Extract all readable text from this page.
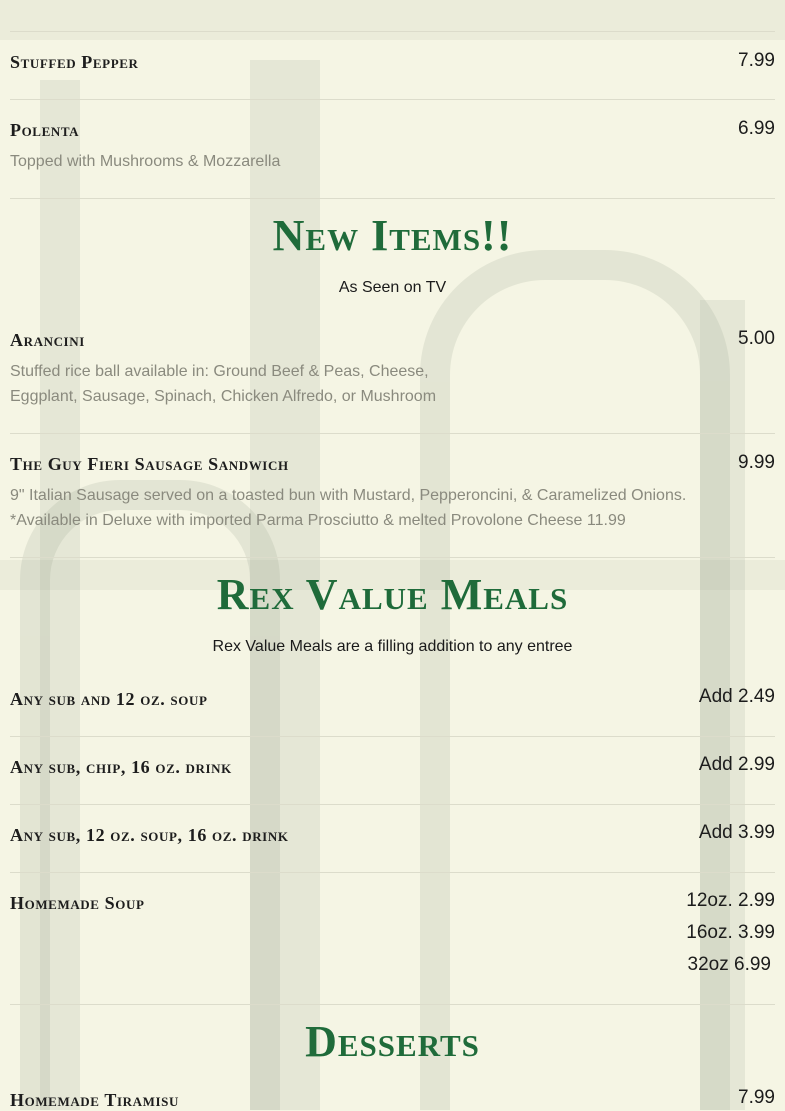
Stuffed Pepper	7.99
Polenta	6.99
Topped with Mushrooms & Mozzarella
New Items!!
As Seen on TV
Arancini	5.00
Stuffed rice ball available in: Ground Beef & Peas, Cheese,
Eggplant, Sausage, Spinach, Chicken Alfredo, or Mushroom
The Guy Fieri Sausage Sandwich	9.99
9" Italian Sausage served on a toasted bun with Mustard, Pepperoncini, & Caramelized Onions.
*Available in Deluxe with imported Parma Prosciutto & melted Provolone Cheese 11.99
Rex Value Meals
Rex Value Meals are a filling addition to any entree
Any sub and 12 oz. soup	Add 2.49
Any sub, chip, 16 oz. drink	Add 2.99
Any sub, 12 oz. soup, 16 oz. drink	Add 3.99
Homemade Soup	12oz. 2.99
16oz. 3.99
32oz 6.99
Desserts
Homemade Tiramisu	7.99
